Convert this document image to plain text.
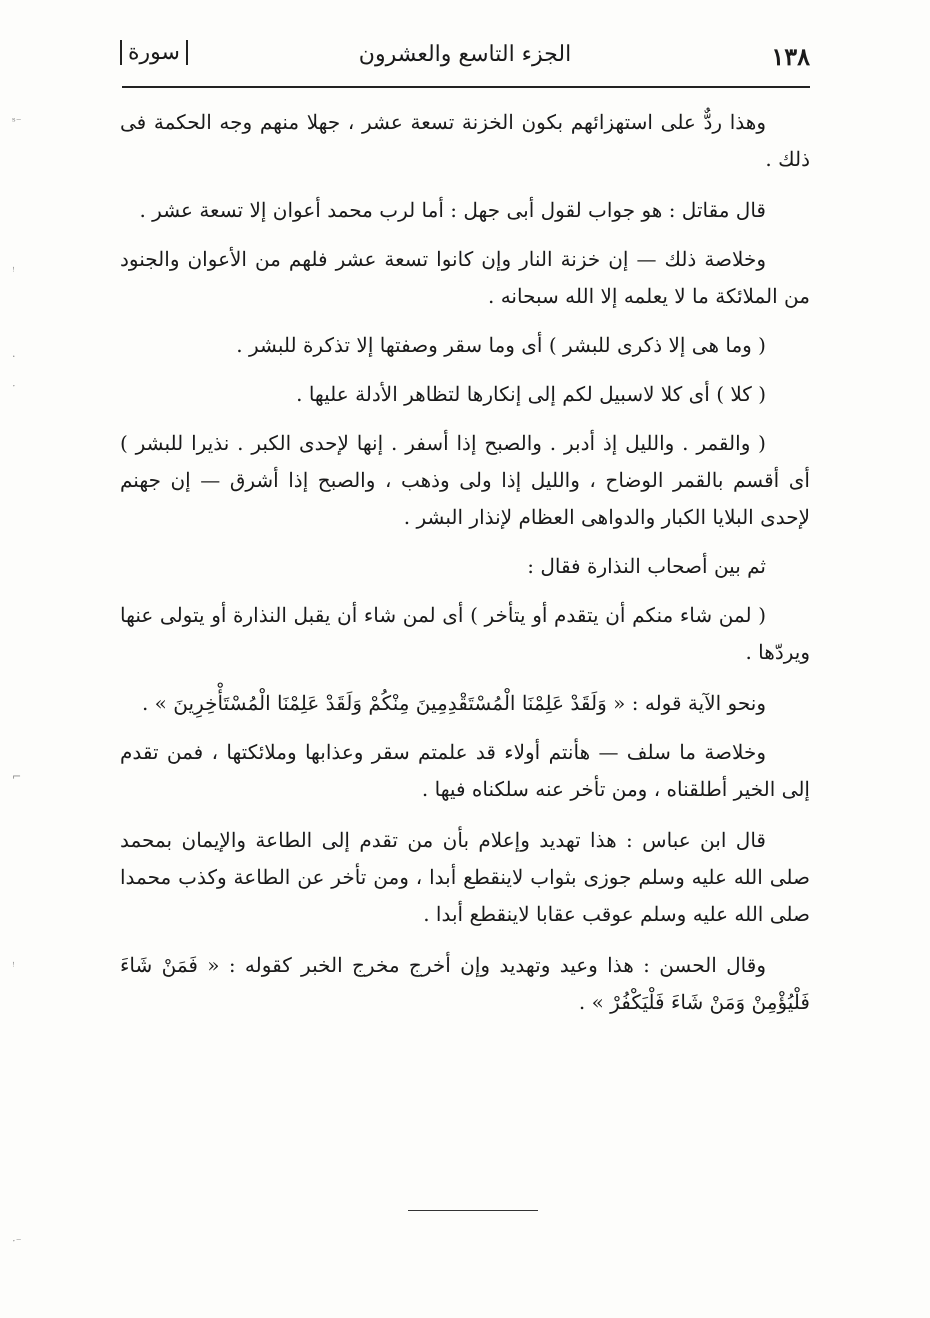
١٣٨
الجزء التاسع والعشرون
سورة

وهذا ردٌّ على استهزائهم بكون الخزنة تسعة عشر ، جهلا منهم وجه الحكمة فى ذلك .

قال مقاتل : هو جواب لقول أبى جهل : أما لرب محمد أعوان إلا تسعة عشر .

وخلاصة ذلك — إن خزنة النار وإن كانوا تسعة عشر فلهم من الأعوان والجنود من الملائكة ما لا يعلمه إلا الله سبحانه .

( وما هى إلا ذكرى للبشر ) أى وما سقر وصفتها إلا تذكرة للبشر .

( كلا ) أى كلا لاسبيل لكم إلى إنكارها لتظاهر الأدلة عليها .

( والقمر . والليل إذ أدبر . والصبح إذا أسفر . إنها لإحدى الكبر . نذيرا للبشر ) أى أقسم بالقمر الوضاح ، والليل إذا ولى وذهب ، والصبح إذا أشرق — إن جهنم لإحدى البلايا الكبار والدواهى العظام لإنذار البشر .

ثم بين أصحاب النذارة فقال :

( لمن شاء منكم أن يتقدم أو يتأخر ) أى لمن شاء أن يقبل النذارة أو يتولى عنها ويردّها .

ونحو الآية قوله : « وَلَقَدْ عَلِمْنَا الْمُسْتَقْدِمِينَ مِنْكُمْ وَلَقَدْ عَلِمْنَا الْمُسْتَأْخِرِينَ » .

وخلاصة ما سلف — هأنتم أولاء قد علمتم سقر وعذابها وملائكتها ، فمن تقدم إلى الخير أطلقناه ، ومن تأخر عنه سلكناه فيها .

قال ابن عباس : هذا تهديد وإعلام بأن من تقدم إلى الطاعة والإيمان بمحمد صلى الله عليه وسلم جوزى بثواب لاينقطع أبدا ، ومن تأخر عن الطاعة وكذب محمدا صلى الله عليه وسلم عوقب عقابا لاينقطع أبدا .

وقال الحسن : هذا وعيد وتهديد وإن أخرج مخرج الخبر كقوله : « فَمَنْ شَاءَ فَلْيُؤْمِنْ وَمَنْ شَاءَ فَلْيَكْفُرْ » .

⁻ˢ
ꜝ
·
ˑ
⌐
ꜝ
⁻ˑ
